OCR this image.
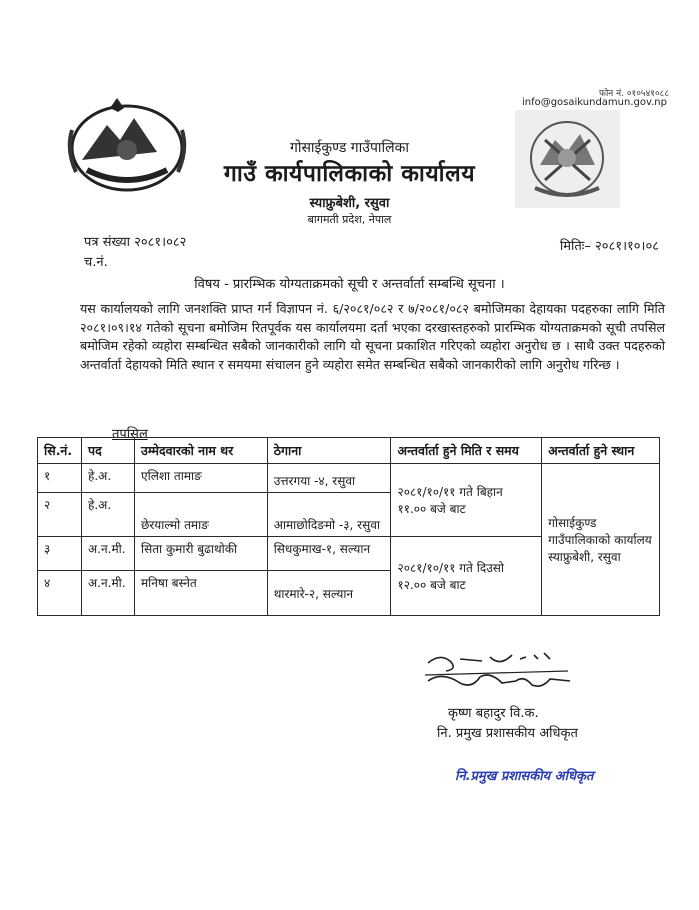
फोन नं. ०१०५४१०८८
info@gosaikundamun.gov.np
गोसाईकुण्ड गाउँपालिका
गाउँ कार्यपालिकाको कार्यालय
स्याफ्रुबेशी, रसुवा
बागमती प्रदेश, नेपाल
पत्र संख्या २०८१।०८२
च.नं.
मितिः– २०८१।१०।०८
विषय - प्रारम्भिक योग्यताक्रमको सूची र अन्तर्वार्ता सम्बन्धि सूचना ।
यस कार्यालयको लागि जनशक्ति प्राप्त गर्न विज्ञापन नं. ६/२०८१/०८२ र ७/२०८१/०८२ बमोजिमका देहायका पदहरुका लागि मिति २०८१।०९।१४ गतेको सूचना बमोजिम रितपूर्वक यस कार्यालयमा दर्ता भएका दरखास्तहरुको प्रारम्भिक योग्यताक्रमको सूची तपसिल बमोजिम रहेको व्यहोरा सम्बन्धित सबैको जानकारीको लागि यो सूचना प्रकाशित गरिएको व्यहोरा अनुरोध छ । साथै उक्त पदहरुको अन्तर्वार्ता देहायको मिति स्थान र समयमा संचालन हुने व्यहोरा समेत सम्बन्धित सबैको जानकारीको लागि अनुरोध गरिन्छ ।
तपसिल
सि.नं.	पद	उम्मेदवारको नाम थर	ठेगाना	अन्तर्वार्ता हुने मिति र समय	अन्तर्वार्ता हुने स्थान
१	हे.अ.	एलिशा तामाङ	उत्तरगया -४, रसुवा	२०८१/१०/११ गते बिहान ११.०० बजे बाट	गोसाईकुण्ड गाउँपालिकाको कार्यालय स्याफ्रुबेशी, रसुवा
२	हे.अ.	छेरयाल्मो तमाङ	आमाछोदिङमो -३, रसुवा		
३	अ.न.मी.	सिता कुमारी बुढाथोकी	सिधकुमाख-१, सल्यान	२०८१/१०/११ गते दिउसो १२.०० बजे बाट	
४	अ.न.मी.	मनिषा बस्नेत	थारमारे-२, सल्यान		
कृष्ण बहादुर वि.क.
नि. प्रमुख प्रशासकीय अधिकृत
नि.प्रमुख प्रशासकीय अधिकृत
